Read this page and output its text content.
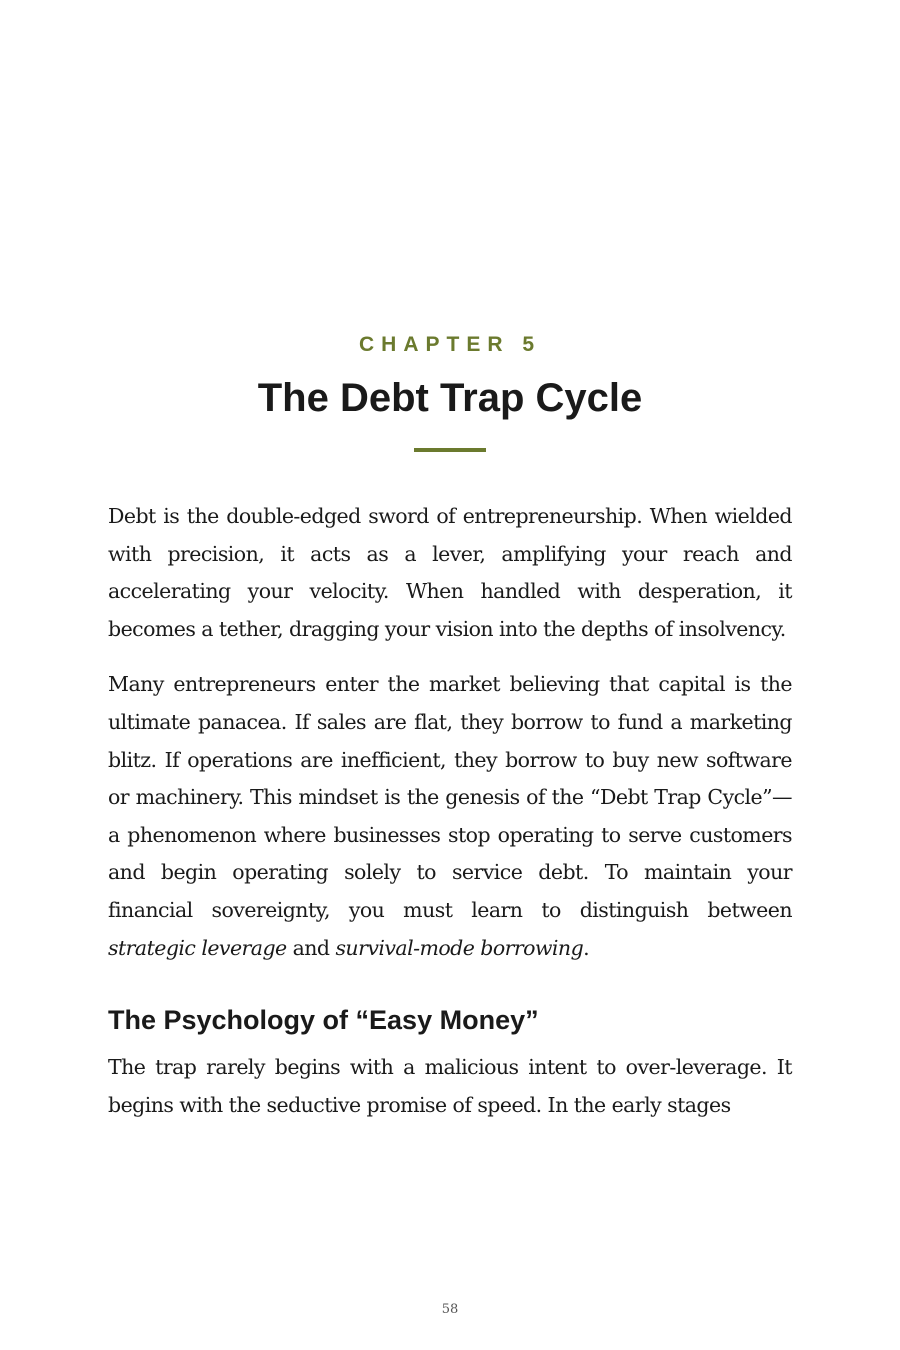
CHAPTER 5
The Debt Trap Cycle

Debt is the double-edged sword of entrepreneurship. When wielded with precision, it acts as a lever, amplifying your reach and accelerating your velocity. When handled with desperation, it becomes a tether, dragging your vision into the depths of insolvency.

Many entrepreneurs enter the market believing that capital is the ultimate panacea. If sales are flat, they borrow to fund a marketing blitz. If operations are inefficient, they borrow to buy new software or machinery. This mindset is the genesis of the “Debt Trap Cycle”—a phenomenon where businesses stop operating to serve customers and begin operating solely to service debt. To maintain your financial sovereignty, you must learn to distinguish between strategic leverage and survival-mode borrowing.

The Psychology of “Easy Money”

The trap rarely begins with a malicious intent to over-leverage. It begins with the seductive promise of speed. In the early stages

58
